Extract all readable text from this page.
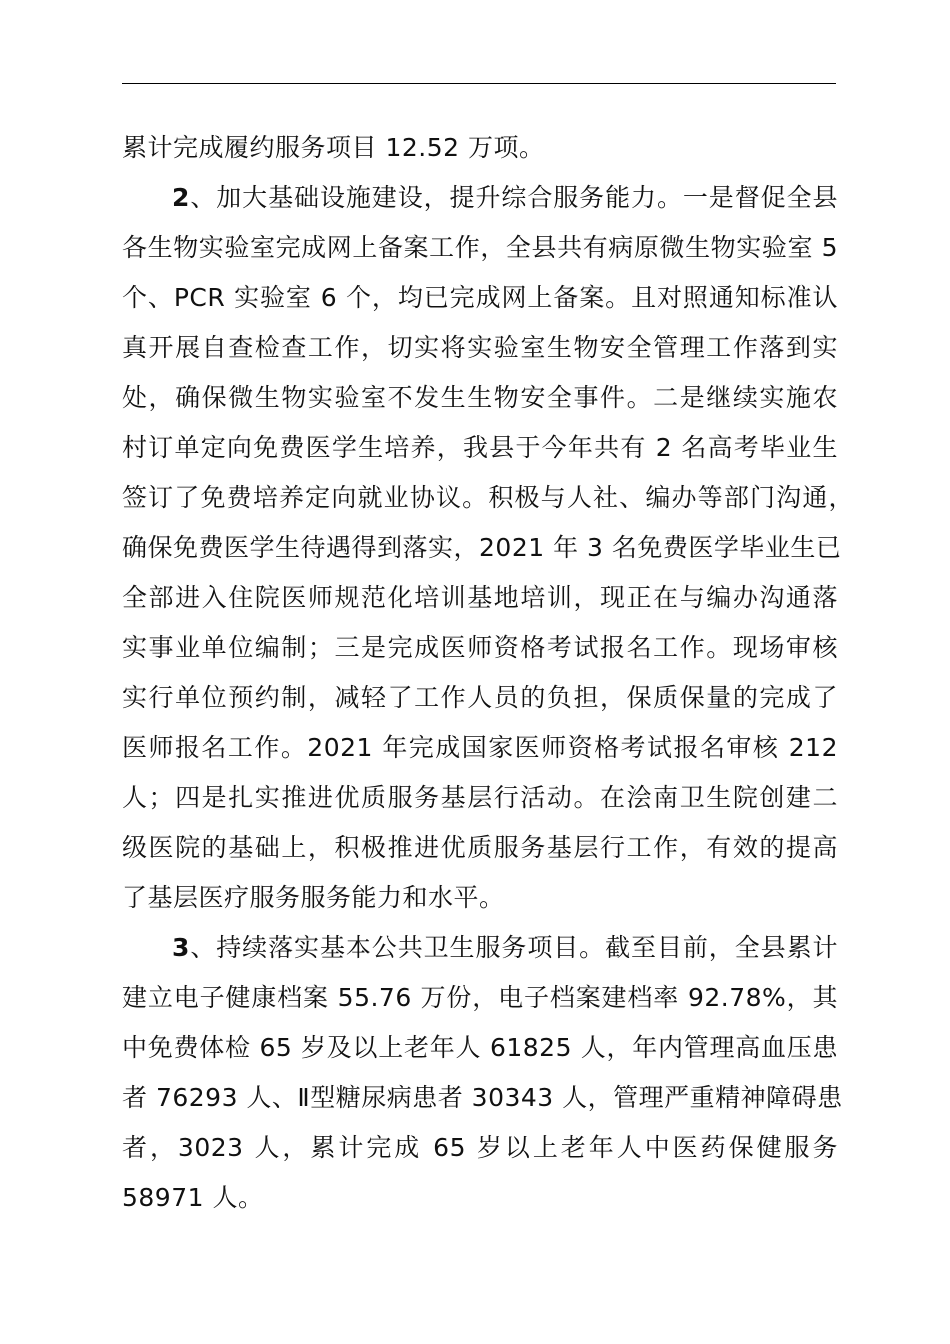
累计完成履约服务项目 12.52 万项。
2、加大基础设施建设，提升综合服务能力。一是督促全县
各生物实验室完成网上备案工作，全县共有病原微生物实验室 5
个、PCR 实验室 6 个，均已完成网上备案。且对照通知标准认
真开展自查检查工作，切实将实验室生物安全管理工作落到实
处，确保微生物实验室不发生生物安全事件。二是继续实施农
村订单定向免费医学生培养，我县于今年共有 2 名高考毕业生
签订了免费培养定向就业协议。积极与人社、编办等部门沟通，
确保免费医学生待遇得到落实，2021 年 3 名免费医学毕业生已
全部进入住院医师规范化培训基地培训，现正在与编办沟通落
实事业单位编制；三是完成医师资格考试报名工作。现场审核
实行单位预约制，减轻了工作人员的负担，保质保量的完成了
医师报名工作。2021 年完成国家医师资格考试报名审核 212
人；四是扎实推进优质服务基层行活动。在浍南卫生院创建二
级医院的基础上，积极推进优质服务基层行工作，有效的提高
了基层医疗服务服务能力和水平。
3、持续落实基本公共卫生服务项目。截至目前，全县累计
建立电子健康档案 55.76 万份，电子档案建档率 92.78%，其
中免费体检 65 岁及以上老年人 61825 人，年内管理高血压患
者 76293 人、Ⅱ型糖尿病患者 30343 人，管理严重精神障碍患
者，3023 人，累计完成 65 岁以上老年人中医药保健服务
58971 人。
